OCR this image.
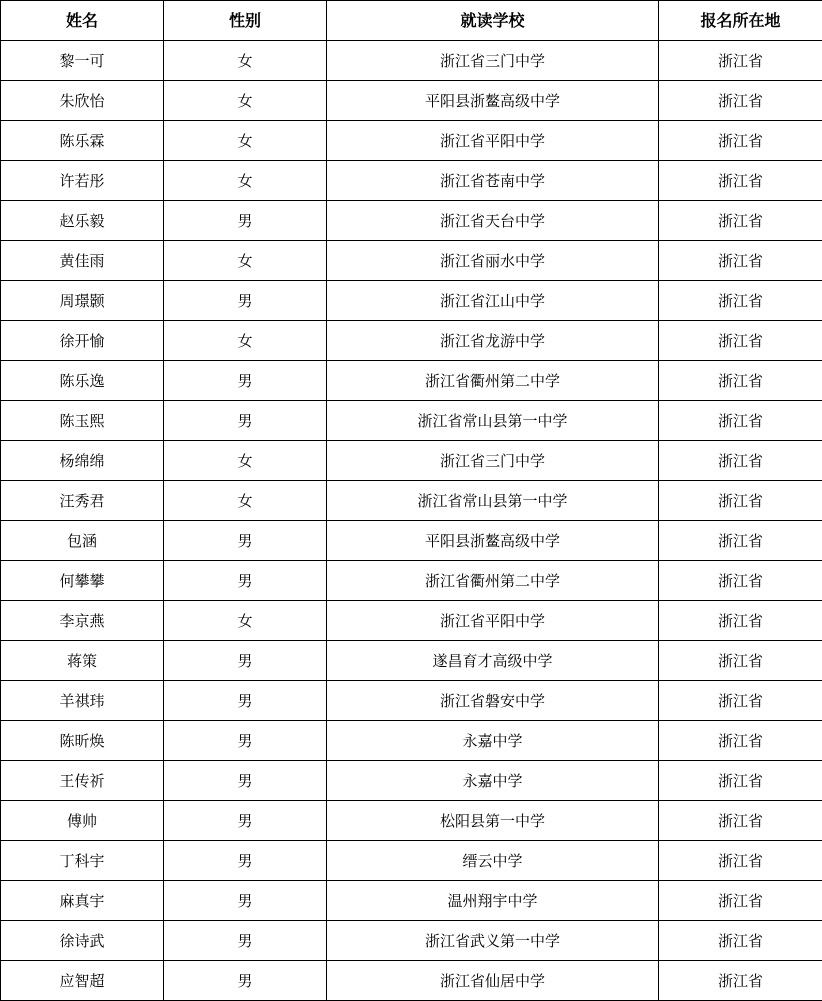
姓名	性别	就读学校	报名所在地
黎一可	女	浙江省三门中学	浙江省
朱欣怡	女	平阳县浙鳌高级中学	浙江省
陈乐霖	女	浙江省平阳中学	浙江省
许若彤	女	浙江省苍南中学	浙江省
赵乐毅	男	浙江省天台中学	浙江省
黄佳雨	女	浙江省丽水中学	浙江省
周璟颢	男	浙江省江山中学	浙江省
徐开愉	女	浙江省龙游中学	浙江省
陈乐逸	男	浙江省衢州第二中学	浙江省
陈玉熙	男	浙江省常山县第一中学	浙江省
杨绵绵	女	浙江省三门中学	浙江省
汪秀君	女	浙江省常山县第一中学	浙江省
包涵	男	平阳县浙鳌高级中学	浙江省
何攀攀	男	浙江省衢州第二中学	浙江省
李京燕	女	浙江省平阳中学	浙江省
蒋策	男	遂昌育才高级中学	浙江省
羊祺玮	男	浙江省磐安中学	浙江省
陈昕焕	男	永嘉中学	浙江省
王传祈	男	永嘉中学	浙江省
傅帅	男	松阳县第一中学	浙江省
丁科宇	男	缙云中学	浙江省
麻真宇	男	温州翔宇中学	浙江省
徐诗武	男	浙江省武义第一中学	浙江省
应智超	男	浙江省仙居中学	浙江省
